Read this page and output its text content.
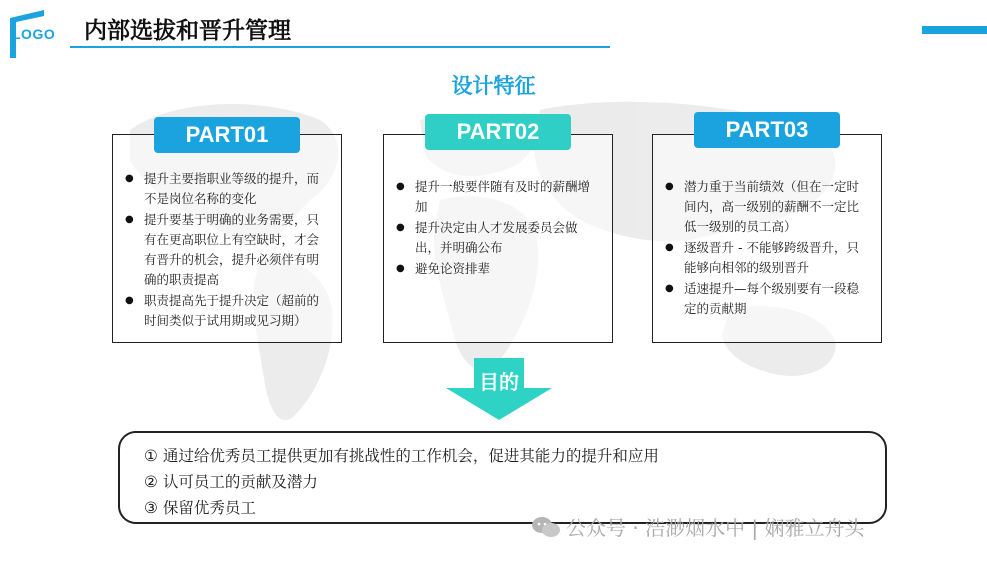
LOGO 内部选拔和晋升管理
设计特征
● 提升主要指职业等级的提升，而不是岗位名称的变化
● 提升要基于明确的业务需要，只有在更高职位上有空缺时，才会有晋升的机会，提升必须伴有明确的职责提高
● 职责提高先于提升决定（超前的时间类似于试用期或见习期）
PART01
● 提升一般要伴随有及时的薪酬增加
● 提升决定由人才发展委员会做出，并明确公布
● 避免论资排辈
PART02
● 潜力重于当前绩效（但在一定时间内，高一级别的薪酬不一定比低一级别的员工高）
● 逐级晋升 - 不能够跨级晋升，只能够向相邻的级别晋升
● 适速提升—每个级别要有一段稳定的贡献期
PART03
目的
① 通过给优秀员工提供更加有挑战性的工作机会，促进其能力的提升和应用
② 认可员工的贡献及潜力
③ 保留优秀员工
公众号 · 浩渺烟水中 | 娴雅立舟头
